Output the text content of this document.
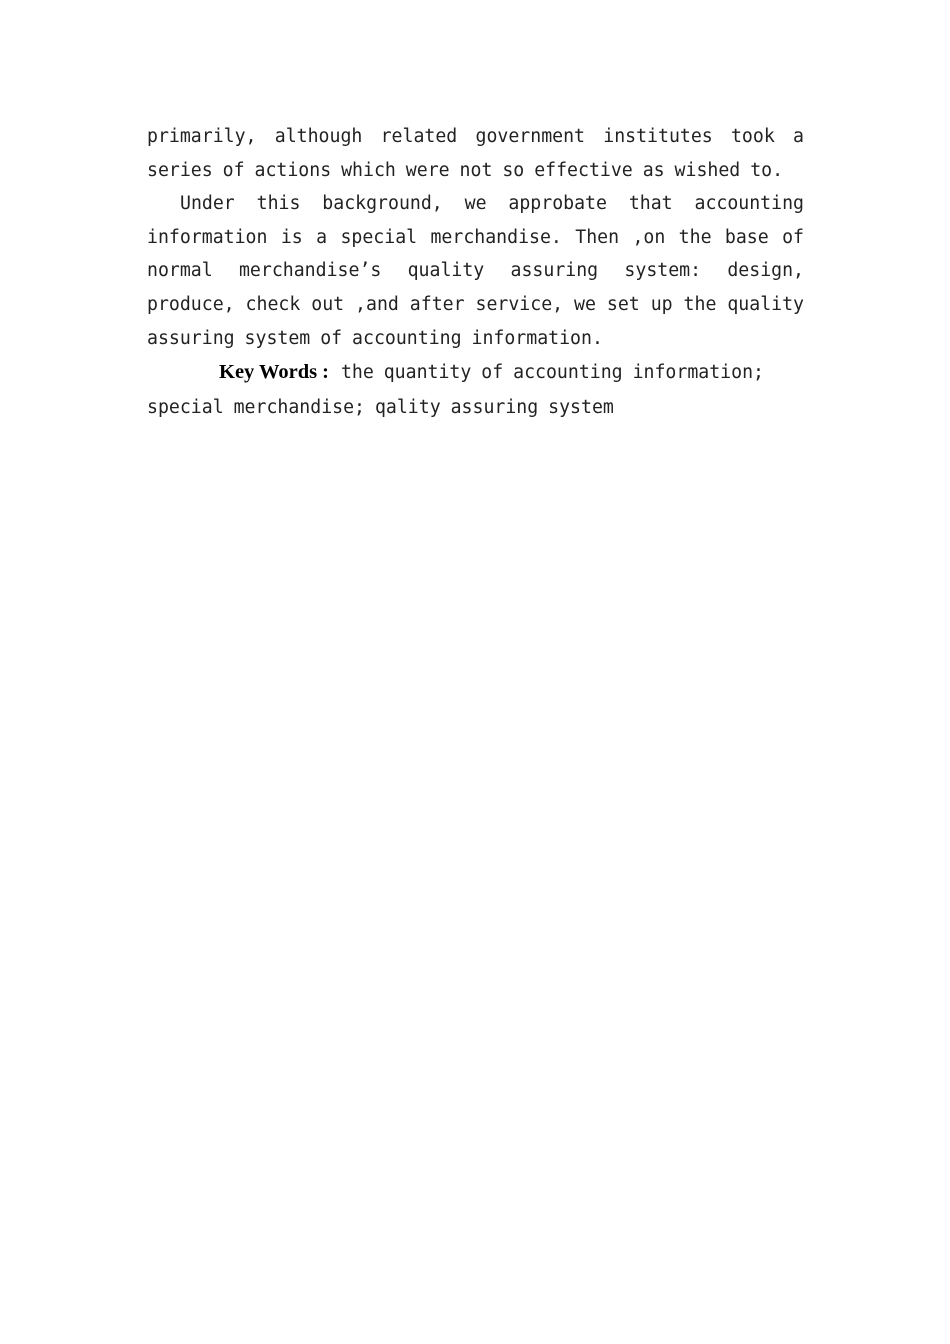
primarily, although related government institutes took a series of actions which were not so effective as wished to.

Under this background, we approbate that accounting information is a special merchandise. Then ,on the base of normal merchandise’s quality assuring system: design, produce, check out ,and after service, we set up the quality assuring system of accounting information.

Key Words : the quantity of accounting information; special merchandise; qality assuring system
